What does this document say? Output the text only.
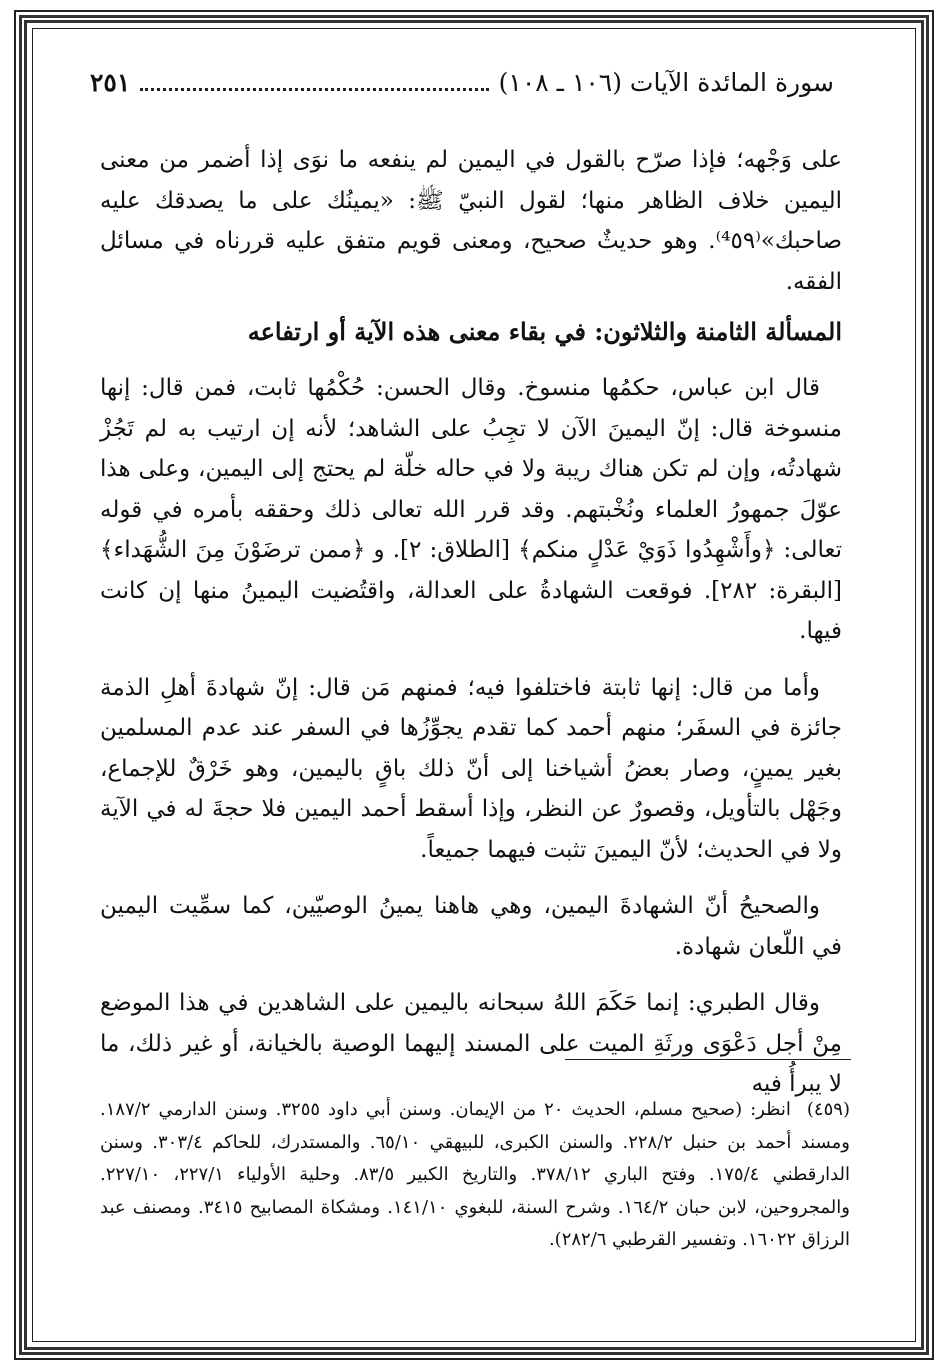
سورة المائدة الآيات (١٠٦ ـ ١٠٨)
٢٥١

على وَجْهه؛ فإذا صرّح بالقول في اليمين لم ينفعه ما نوَى إذا أضمر من معنى اليمين خلاف الظاهر منها؛ لقول النبيّ ﷺ: «يمينُك على ما يصدقك عليه صاحبك»⁽⁴٥٩⁾. وهو حديثٌ صحيح، ومعنى قويم متفق عليه قررناه في مسائل الفقه.

المسألة الثامنة والثلاثون: في بقاء معنى هذه الآية أو ارتفاعه

قال ابن عباس، حكمُها منسوخ. وقال الحسن: حُكْمُها ثابت، فمن قال: إنها منسوخة قال: إنّ اليمينَ الآن لا تجِبُ على الشاهد؛ لأنه إن ارتيب به لم تَجُزْ شهادتُه، وإن لم تكن هناك ريبة ولا في حاله خلّة لم يحتج إلى اليمين، وعلى هذا عوّلَ جمهورُ العلماء ونُخْبتهم. وقد قرر الله تعالى ذلك وحققه بأمره في قوله تعالى: ﴿وأَشْهِدُوا ذَوَيْ عَدْلٍ منكم﴾ [الطلاق: ٢]. و ﴿ممن ترضَوْنَ مِنَ الشُّهَداء﴾ [البقرة: ٢٨٢]. فوقعت الشهادةُ على العدالة، واقتُضيت اليمينُ منها إن كانت فيها.

وأما من قال: إنها ثابتة فاختلفوا فيه؛ فمنهم مَن قال: إنّ شهادةَ أهلِ الذمة جائزة في السفَر؛ منهم أحمد كما تقدم يجوِّزُها في السفر عند عدم المسلمين بغير يمينٍ، وصار بعضُ أشياخنا إلى أنّ ذلك باقٍ باليمين، وهو خَرْقٌ للإجماع، وجَهْل بالتأويل، وقصورٌ عن النظر، وإذا أسقط أحمد اليمين فلا حجةَ له في الآية ولا في الحديث؛ لأنّ اليمينَ تثبت فيهما جميعاً.

والصحيحُ أنّ الشهادةَ اليمين، وهي هاهنا يمينُ الوصيّين، كما سمِّيت اليمين في اللّعان شهادة.

وقال الطبري: إنما حَكَمَ اللهُ سبحانه باليمين على الشاهدين في هذا الموضع مِنْ أجل دَعْوَى ورثَةِ الميت على المسند إليهما الوصية بالخيانة، أو غير ذلك، ما لا يبرأُ فيه

(٤٥٩) انظر: (صحيح مسلم، الحديث ٢٠ من الإيمان. وسنن أبي داود ٣٢٥٥. وسنن الدارمي ١٨٧/٢. ومسند أحمد بن حنبل ٢٢٨/٢. والسنن الكبرى، للبيهقي ٦٥/١٠. والمستدرك، للحاكم ٣٠٣/٤. وسنن الدارقطني ١٧٥/٤. وفتح الباري ٣٧٨/١٢. والتاريخ الكبير ٨٣/٥. وحلية الأولياء ٢٢٧/١، ٢٢٧/١٠. والمجروحين، لابن حبان ١٦٤/٢. وشرح السنة، للبغوي ١٤١/١٠. ومشكاة المصابيح ٣٤١٥. ومصنف عبد الرزاق ١٦٠٢٢. وتفسير القرطبي ٢٨٢/٦).
